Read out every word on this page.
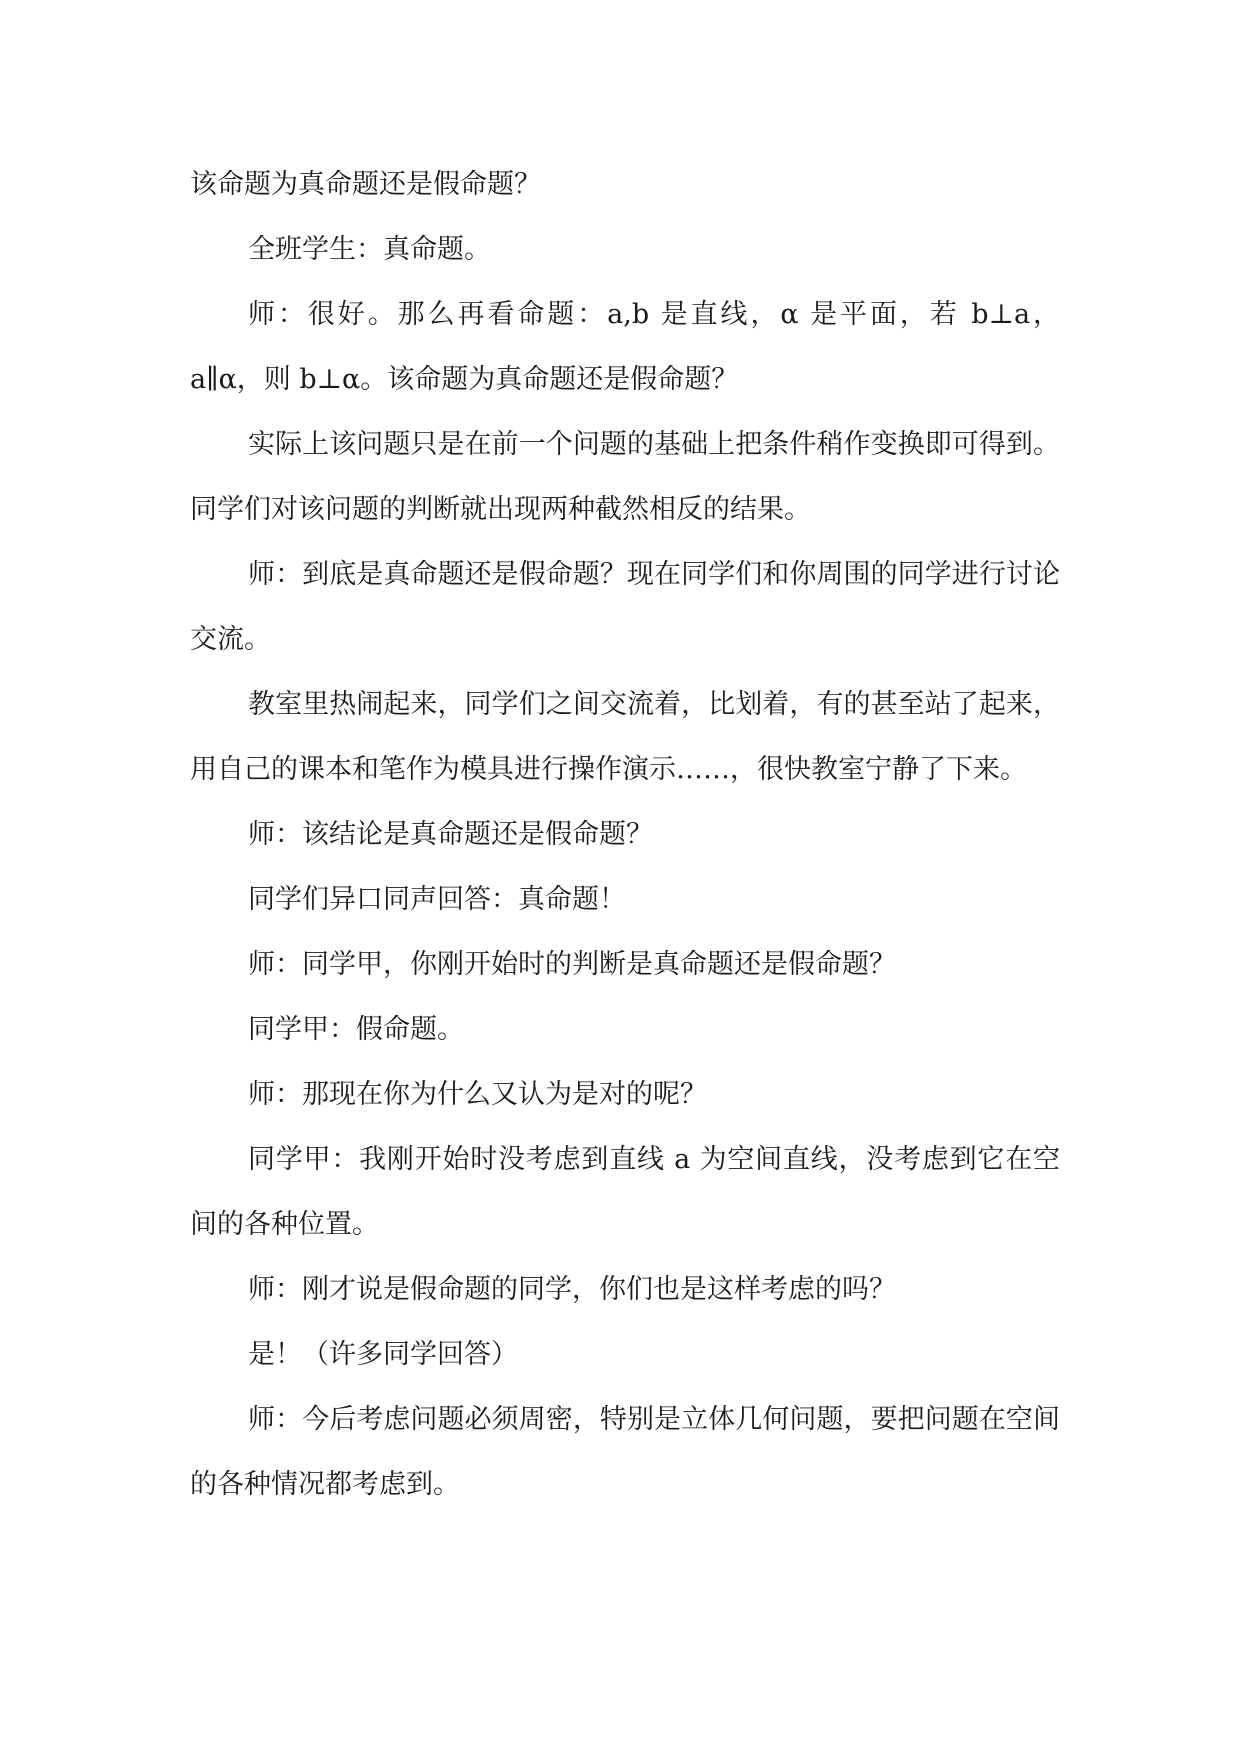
该命题为真命题还是假命题？

全班学生：真命题。

师：很好。那么再看命题：a,b 是直线，α 是平面，若 b⊥a，a∥α，则 b⊥α。该命题为真命题还是假命题？

实际上该问题只是在前一个问题的基础上把条件稍作变换即可得到。同学们对该问题的判断就出现两种截然相反的结果。

师：到底是真命题还是假命题？现在同学们和你周围的同学进行讨论交流。

教室里热闹起来，同学们之间交流着，比划着，有的甚至站了起来，用自己的课本和笔作为模具进行操作演示……，很快教室宁静了下来。

师：该结论是真命题还是假命题？

同学们异口同声回答：真命题！

师：同学甲，你刚开始时的判断是真命题还是假命题？

同学甲：假命题。

师：那现在你为什么又认为是对的呢？

同学甲：我刚开始时没考虑到直线 a 为空间直线，没考虑到它在空间的各种位置。

师：刚才说是假命题的同学，你们也是这样考虑的吗？

是！（许多同学回答）

师：今后考虑问题必须周密，特别是立体几何问题，要把问题在空间的各种情况都考虑到。
